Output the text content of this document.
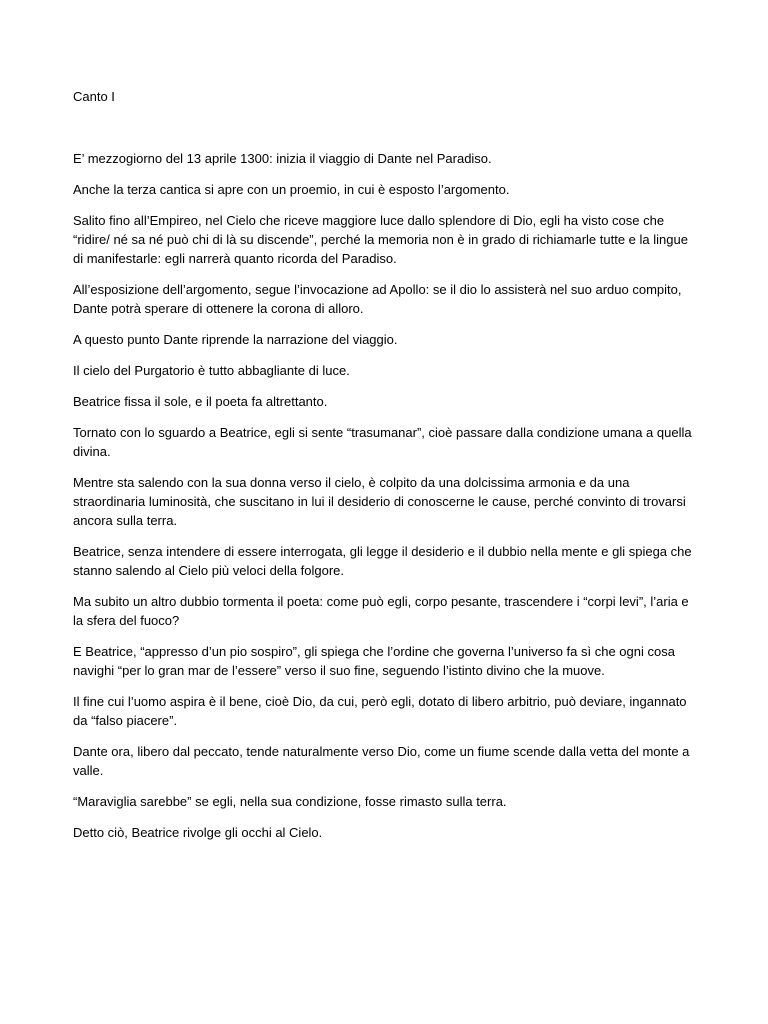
Canto I

E’ mezzogiorno del 13 aprile 1300: inizia il viaggio di Dante nel Paradiso.

Anche la terza cantica si apre con un proemio, in cui è esposto l’argomento.

Salito fino all’Empireo, nel Cielo che riceve maggiore luce dallo splendore di Dio, egli ha visto cose che “ridire/ né sa né può chi di là su discende”, perché la memoria non è in grado di richiamarle tutte e la lingue di manifestarle: egli narrerà quanto ricorda del Paradiso.

All’esposizione dell’argomento, segue l’invocazione ad Apollo: se il dio lo assisterà nel suo arduo compito, Dante potrà sperare di ottenere la corona di alloro.

A questo punto Dante riprende la narrazione del viaggio.

Il cielo del Purgatorio è tutto abbagliante di luce.

Beatrice fissa il sole, e il poeta fa altrettanto.

Tornato con lo sguardo a Beatrice, egli si sente “trasumanar”, cioè passare dalla condizione umana a quella divina.

Mentre sta salendo con la sua donna verso il cielo, è colpito da una dolcissima armonia e da una straordinaria luminosità, che suscitano in lui il desiderio di conoscerne le cause, perché convinto di trovarsi ancora sulla terra.

Beatrice, senza intendere di essere interrogata, gli legge il desiderio e il dubbio nella mente e gli spiega che stanno salendo al Cielo più veloci della folgore.

Ma subito un altro dubbio tormenta il poeta: come può egli, corpo pesante, trascendere i “corpi levi”, l’aria e la sfera del fuoco?

E Beatrice, “appresso d’un pio sospiro”, gli spiega che l’ordine che governa l’universo fa sì che ogni cosa navighi “per lo gran mar de l’essere” verso il suo fine, seguendo l’istinto divino che la muove.

Il fine cui l’uomo aspira è il bene, cioè Dio, da cui, però egli, dotato di libero arbitrio, può deviare, ingannato da “falso piacere”.

Dante ora, libero dal peccato, tende naturalmente verso Dio, come un fiume scende dalla vetta del monte a valle.

“Maraviglia sarebbe” se egli, nella sua condizione, fosse rimasto sulla terra.

Detto ciò, Beatrice rivolge gli occhi al Cielo.
